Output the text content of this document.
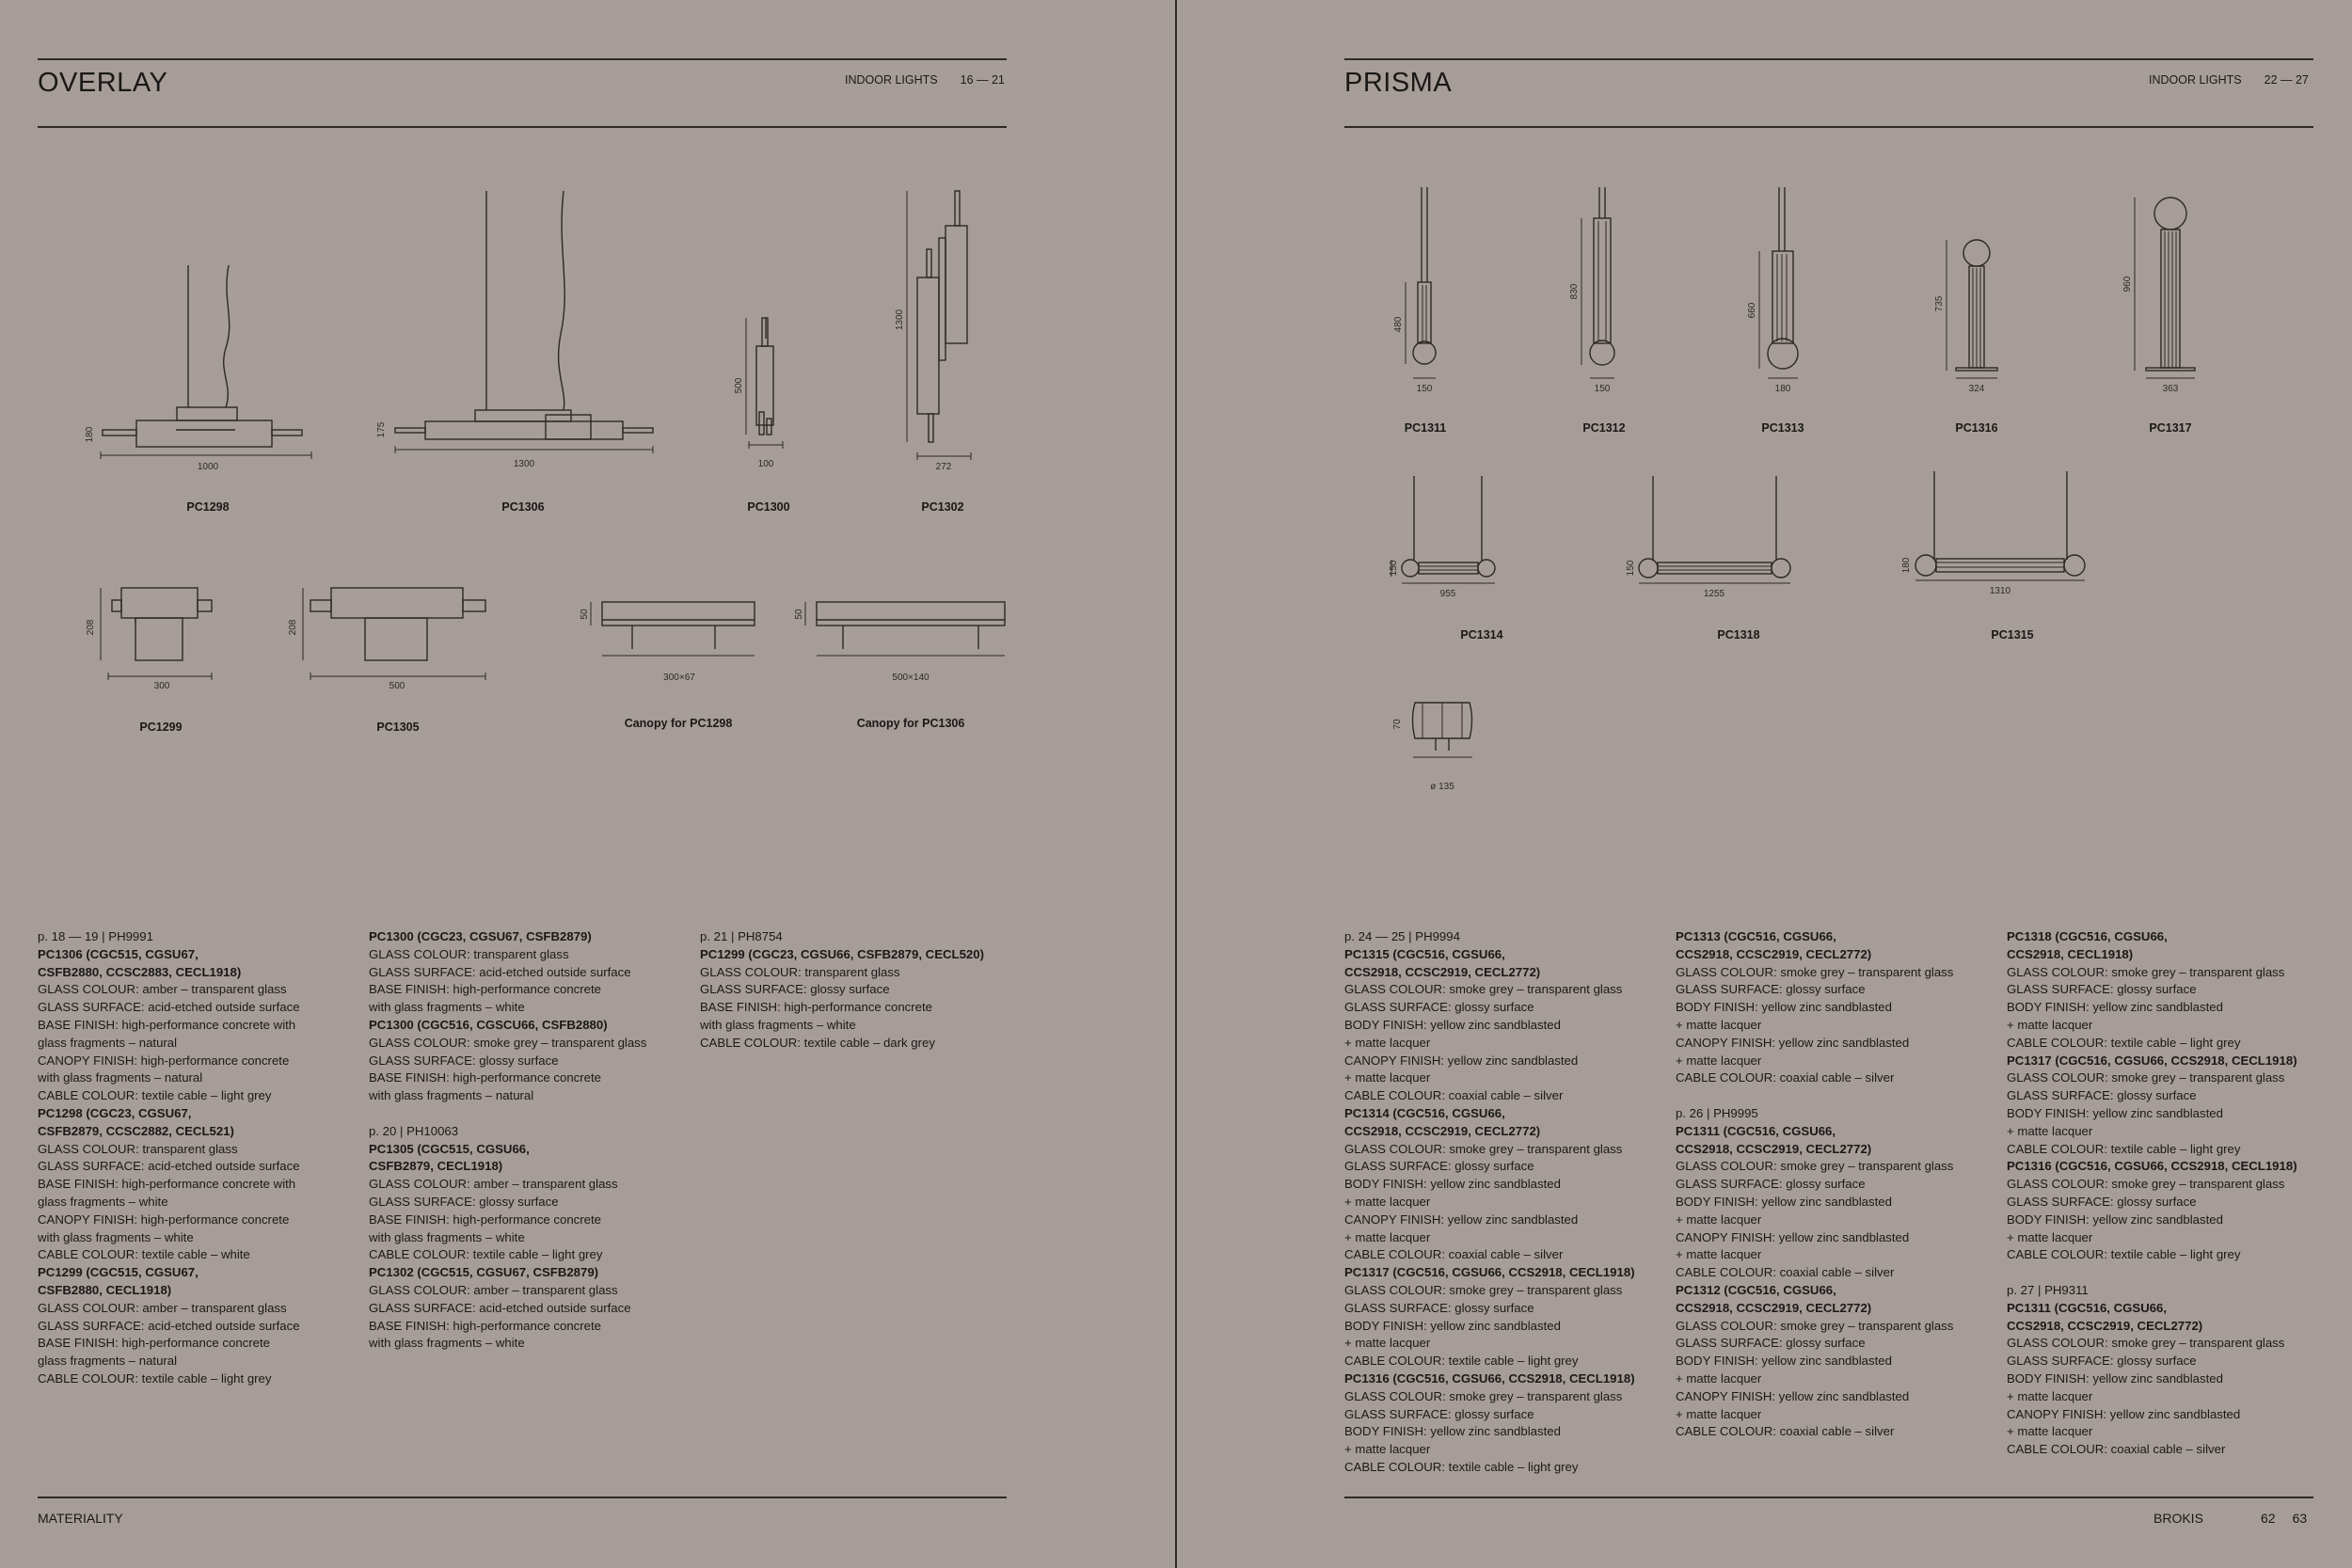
OVERLAY	INDOOR LIGHTS 16 — 21
1000
180
PC1298
1300
175
PC1306
100
500
PC1300
272
1300
PC1302
300
208
PC1299
500
208
PC1305
300×67
50
Canopy for PC1298
500×140
50
Canopy for PC1306
p. 18 — 19 | PH9991
PC1306 (CGC515, CGSU67,
CSFB2880, CCSC2883, CECL1918)
GLASS COLOUR: amber – transparent glass
GLASS SURFACE: acid-etched outside surface
BASE FINISH: high-performance concrete with
glass fragments – natural
CANOPY FINISH: high-performance concrete
with glass fragments – natural
CABLE COLOUR: textile cable – light grey
PC1298 (CGC23, CGSU67,
CSFB2879, CCSC2882, CECL521)
GLASS COLOUR: transparent glass
GLASS SURFACE: acid-etched outside surface
BASE FINISH: high-performance concrete with
glass fragments – white
CANOPY FINISH: high-performance concrete
with glass fragments – white
CABLE COLOUR: textile cable – white
PC1299 (CGC515, CGSU67,
CSFB2880, CECL1918)
GLASS COLOUR: amber – transparent glass
GLASS SURFACE: acid-etched outside surface
BASE FINISH: high-performance concrete
glass fragments – natural
CABLE COLOUR: textile cable – light grey
PC1300 (CGC23, CGSU67, CSFB2879)
GLASS COLOUR: transparent glass
GLASS SURFACE: acid-etched outside surface
BASE FINISH: high-performance concrete
with glass fragments – white
PC1300 (CGC516, CGSCU66, CSFB2880)
GLASS COLOUR: smoke grey – transparent glass
GLASS SURFACE: glossy surface
BASE FINISH: high-performance concrete
with glass fragments – natural
p. 20 | PH10063
PC1305 (CGC515, CGSU66,
CSFB2879, CECL1918)
GLASS COLOUR: amber – transparent glass
GLASS SURFACE: glossy surface
BASE FINISH: high-performance concrete
with glass fragments – white
CABLE COLOUR: textile cable – light grey
PC1302 (CGC515, CGSU67, CSFB2879)
GLASS COLOUR: amber – transparent glass
GLASS SURFACE: acid-etched outside surface
BASE FINISH: high-performance concrete
with glass fragments – white
p. 21 | PH8754
PC1299 (CGC23, CGSU66, CSFB2879, CECL520)
GLASS COLOUR: transparent glass
GLASS SURFACE: glossy surface
BASE FINISH: high-performance concrete
with glass fragments – white
CABLE COLOUR: textile cable – dark grey
MATERIALITY
PRISMA	INDOOR LIGHTS 22 — 27
150
480
PC1311
150
830
PC1312
180
660
PC1313
324
735
PC1316
363
960
PC1317
955
150
PC1314
1255
150
PC1318
1310
180
PC1315
ø 135
70
p. 24 — 25 | PH9994
PC1315 (CGC516, CGSU66,
CCS2918, CCSC2919, CECL2772)
GLASS COLOUR: smoke grey – transparent glass
GLASS SURFACE: glossy surface
BODY FINISH: yellow zinc sandblasted
+ matte lacquer
CANOPY FINISH: yellow zinc sandblasted
+ matte lacquer
CABLE COLOUR: coaxial cable – silver
PC1314 (CGC516, CGSU66,
CCS2918, CCSC2919, CECL2772)
GLASS COLOUR: smoke grey – transparent glass
GLASS SURFACE: glossy surface
BODY FINISH: yellow zinc sandblasted
+ matte lacquer
CANOPY FINISH: yellow zinc sandblasted
+ matte lacquer
CABLE COLOUR: coaxial cable – silver
PC1317 (CGC516, CGSU66, CCS2918, CECL1918)
GLASS COLOUR: smoke grey – transparent glass
GLASS SURFACE: glossy surface
BODY FINISH: yellow zinc sandblasted
+ matte lacquer
CABLE COLOUR: textile cable – light grey
PC1316 (CGC516, CGSU66, CCS2918, CECL1918)
GLASS COLOUR: smoke grey – transparent glass
GLASS SURFACE: glossy surface
BODY FINISH: yellow zinc sandblasted
+ matte lacquer
CABLE COLOUR: textile cable – light grey
PC1313 (CGC516, CGSU66,
CCS2918, CCSC2919, CECL2772)
GLASS COLOUR: smoke grey – transparent glass
GLASS SURFACE: glossy surface
BODY FINISH: yellow zinc sandblasted
+ matte lacquer
CANOPY FINISH: yellow zinc sandblasted
+ matte lacquer
CABLE COLOUR: coaxial cable – silver
p. 26 | PH9995
PC1311 (CGC516, CGSU66,
CCS2918, CCSC2919, CECL2772)
GLASS COLOUR: smoke grey – transparent glass
GLASS SURFACE: glossy surface
BODY FINISH: yellow zinc sandblasted
+ matte lacquer
CANOPY FINISH: yellow zinc sandblasted
+ matte lacquer
CABLE COLOUR: coaxial cable – silver
PC1312 (CGC516, CGSU66,
CCS2918, CCSC2919, CECL2772)
GLASS COLOUR: smoke grey – transparent glass
GLASS SURFACE: glossy surface
BODY FINISH: yellow zinc sandblasted
+ matte lacquer
CANOPY FINISH: yellow zinc sandblasted
+ matte lacquer
CABLE COLOUR: coaxial cable – silver
PC1318 (CGC516, CGSU66,
CCS2918, CECL1918)
GLASS COLOUR: smoke grey – transparent glass
GLASS SURFACE: glossy surface
BODY FINISH: yellow zinc sandblasted
+ matte lacquer
CABLE COLOUR: textile cable – light grey
PC1317 (CGC516, CGSU66, CCS2918, CECL1918)
GLASS COLOUR: smoke grey – transparent glass
GLASS SURFACE: glossy surface
BODY FINISH: yellow zinc sandblasted
+ matte lacquer
CABLE COLOUR: textile cable – light grey
PC1316 (CGC516, CGSU66, CCS2918, CECL1918)
GLASS COLOUR: smoke grey – transparent glass
GLASS SURFACE: glossy surface
BODY FINISH: yellow zinc sandblasted
+ matte lacquer
CABLE COLOUR: textile cable – light grey
p. 27 | PH9311
PC1311 (CGC516, CGSU66,
CCS2918, CCSC2919, CECL2772)
GLASS COLOUR: smoke grey – transparent glass
GLASS SURFACE: glossy surface
BODY FINISH: yellow zinc sandblasted
+ matte lacquer
CANOPY FINISH: yellow zinc sandblasted
+ matte lacquer
CABLE COLOUR: coaxial cable – silver
BROKIS	62 63
